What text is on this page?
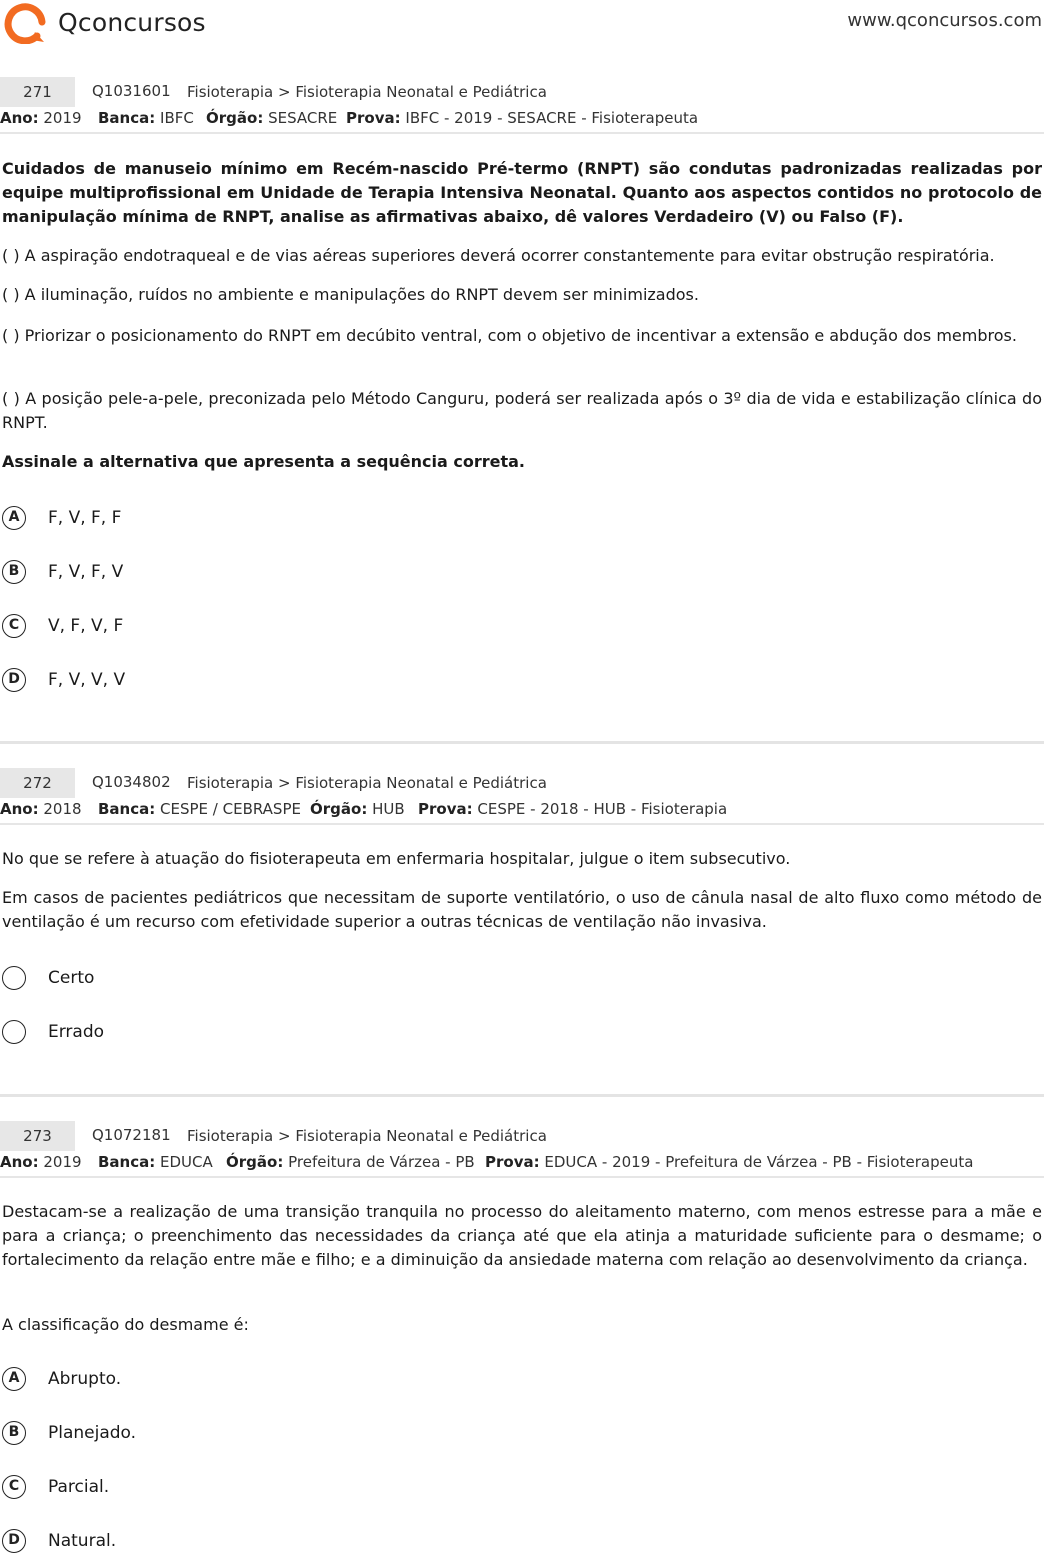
Qconcursos	www.qconcursos.com
271	Q1031601 Fisioterapia > Fisioterapia Neonatal e Pediátrica
Ano: 2019 Banca: IBFC Órgão: SESACRE Prova: IBFC - 2019 - SESACRE - Fisioterapeuta
Cuidados de manuseio mínimo em Recém-nascido Pré-termo (RNPT) são condutas padronizadas realizadas por equipe multiprofissional em Unidade de Terapia Intensiva Neonatal. Quanto aos aspectos contidos no protocolo de manipulação mínima de RNPT, analise as afirmativas abaixo, dê valores Verdadeiro (V) ou Falso (F).
( ) A aspiração endotraqueal e de vias aéreas superiores deverá ocorrer constantemente para evitar obstrução respiratória.
( ) A iluminação, ruídos no ambiente e manipulações do RNPT devem ser minimizados.
( ) Priorizar o posicionamento do RNPT em decúbito ventral, com o objetivo de incentivar a extensão e abdução dos membros.
( ) A posição pele-a-pele, preconizada pelo Método Canguru, poderá ser realizada após o 3º dia de vida e estabilização clínica do RNPT.
Assinale a alternativa que apresenta a sequência correta.
A	F, V, F, F
B	F, V, F, V
C	V, F, V, F
D	F, V, V, V
272	Q1034802 Fisioterapia > Fisioterapia Neonatal e Pediátrica
Ano: 2018 Banca: CESPE / CEBRASPE Órgão: HUB Prova: CESPE - 2018 - HUB - Fisioterapia
No que se refere à atuação do fisioterapeuta em enfermaria hospitalar, julgue o item subsecutivo.
Em casos de pacientes pediátricos que necessitam de suporte ventilatório, o uso de cânula nasal de alto fluxo como método de ventilação é um recurso com efetividade superior a outras técnicas de ventilação não invasiva.
Certo
Errado
273	Q1072181 Fisioterapia > Fisioterapia Neonatal e Pediátrica
Ano: 2019 Banca: EDUCA Órgão: Prefeitura de Várzea - PB Prova: EDUCA - 2019 - Prefeitura de Várzea - PB - Fisioterapeuta
Destacam-se a realização de uma transição tranquila no processo do aleitamento materno, com menos estresse para a mãe e para a criança; o preenchimento das necessidades da criança até que ela atinja a maturidade suficiente para o desmame; o fortalecimento da relação entre mãe e filho; e a diminuição da ansiedade materna com relação ao desenvolvimento da criança.
A classificação do desmame é:
A	Abrupto.
B	Planejado.
C	Parcial.
D	Natural.
